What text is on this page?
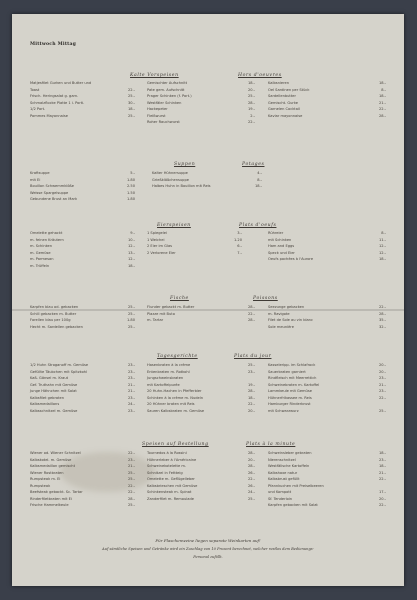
Mittwoch Mittag
Kalte Vorspeisen	Hors d'oeuvres
Suppen	Potages
Eierspeisen	Plats d'oeufs
Fische	Poissons
Tagesgerichte	Plats du jour
Speisen auf Bestellung	Plats à la minute
Matjesfilet Gurken und Butter und
Toast	22.-
Frisch. Heringsalat g. garn.	25.-
Schmalzflocke Platte 1 i. Porti.	30.-
1/2 Port.	18.-
Pommes Mayonnaise	25.-
Gemischter Aufschnitt	18.-
Pate gem. Aufschnitt	20.-
Prager Schinken (f. Port.)	25.-
Westfäler Schinken	28.-
Hackepeter	19.-
Fleißwurst	2.-
Roher Rauchwurst	22.-
Kalbsnieren	18.-
Oel Sardinen per Stück	8.-
Sardellenbutter	18.-
Gemischt. Gurke	21.-
Garnelen Cocktail	22.-
Kaviar mayonnaise	28.-
Kraftsuppe	5.-
mit Ei	1.80
Bouillon Schwemmklöße	2.50
Weisse Spargelsuppe	1.50
Gebundene Brust an Mark	1.80
Kalter Hühnersuppe	4.-
Grießklößchensuppe	8.-
Halbes Huhn in Bouillon mit Reis	18.-
Omelette gehackt	9.-
m. feinen Kräutern	10.-
m. Schinken	12.-
m. Gemüse	13.-
m. Parmesan	12.-
m. Trüffeln	18.-
1 Spiegelei	3.-
1 Weichei	1.20
2 Eier im Glas	6.-
2 Verlorene Eier	7.-
Rühreier	8.-
mit Schinken	11.-
Ham and Eggs	12.-
Speck und Eier	12.-
Oeufs pochées à l'Aurore	18.-
Karpfen blau od. gebacken	25.-
Schill gebacken m. Butter	25.-
Forellen blau per 100g	1.80
Hecht m. Sardellen gebacken	25.-
Flunder gebackt m. Butter	28.-
Plazze mit Buto	22.-
m. Tartar	28.-
Seezunge gebacken	22.-
m. Ravigote	28.-
Filet de Sole au vin blanc	35.-
Sole meunière	32.-
1/2 Huhn Stroganoff m. Gemüse	23.-
Gefüllte Täubchen mit Spitzkohl	23.-
Kaß. Gänsel m. Kraut	23.-
Gef. Truthahn mit Gemüse	21.-
Junge Hähnchen mit Salat	21.-
Kalbsfilet gebraten	23.-
Kalbsmedaillons	24.-
Kalbsschnitzel m. Gemüse	23.-
Hasenbraten à la crème	25.-
Entenbraten m. Rotkohl	23.-
Jungschweinsbraten
mit Kartoffelpurée	19.-
20 Huhn-Hachen in Pfefferbier	28.-
Schinken à la crème m. Nudeln	18.-
20 Hühner braten mit Reis	22.-
Sauren Kalbsbraten m. Gemüse	20.-
Kasseleripp. im Schlafrock	20.-
Sauerbraten garniert	20.-
Rindfleisch mit Meerrettich	23.-
Schweinebraten m. Kartoffel	21.-
Lammkeule mit Gemüse	23.-
Hühnerfrikassee m. Reis	22.-
Hamburger Rinderbrust
mit Schwarzwurz	25.-
Wiener od. Wiener Schnitzel	22.-
Kalbskotel. m. Gemüse	23.-
Kalbsmedaillon gemischt	21.-
Wiener Rostbraten	25.-
Rumpsteak m. Ei	25.-
Rumpsteak	22.-
Beefsteak gebackt. Sc. Tartar	22.-
Rinderfiletbraten mit Ei	28.-
Frische Hammelkeule	25.-
Tournedos à la Rossini	28.-
Hühnerleber à l'Américaine	20.-
Schweinekotelette m.	28.-
Schnitzel in Fettteig	26.-
Omelette m. Geflügelleber	22.-
Kalbsbrieschen mit Gemüse	26.-
Schinkensteak m. Spinat	24.-
Zanderfilet m. Remoulade	25.-
Schweinsleber gebraten	18.-
Nierenschnitzel	23.-
Westfälische Kartoffeln	18.-
Kalbshaxe natur	21.-
Kalbsbrust gefüllt	22.-
Pfannkuchen mit Preiselbeeren
und Kompott	17.-
Sf. Tenderloin	20.-
Karpfen gebacken mit Salat	22.-
Für Flaschenweine liegen separate Weinkarten auf!
Auf sämtliche Speisen und Getränke wird ein Zuschlag von 10 Prozent berechnet, welcher restlos dem Bedienungs-
Personal zufällt.
